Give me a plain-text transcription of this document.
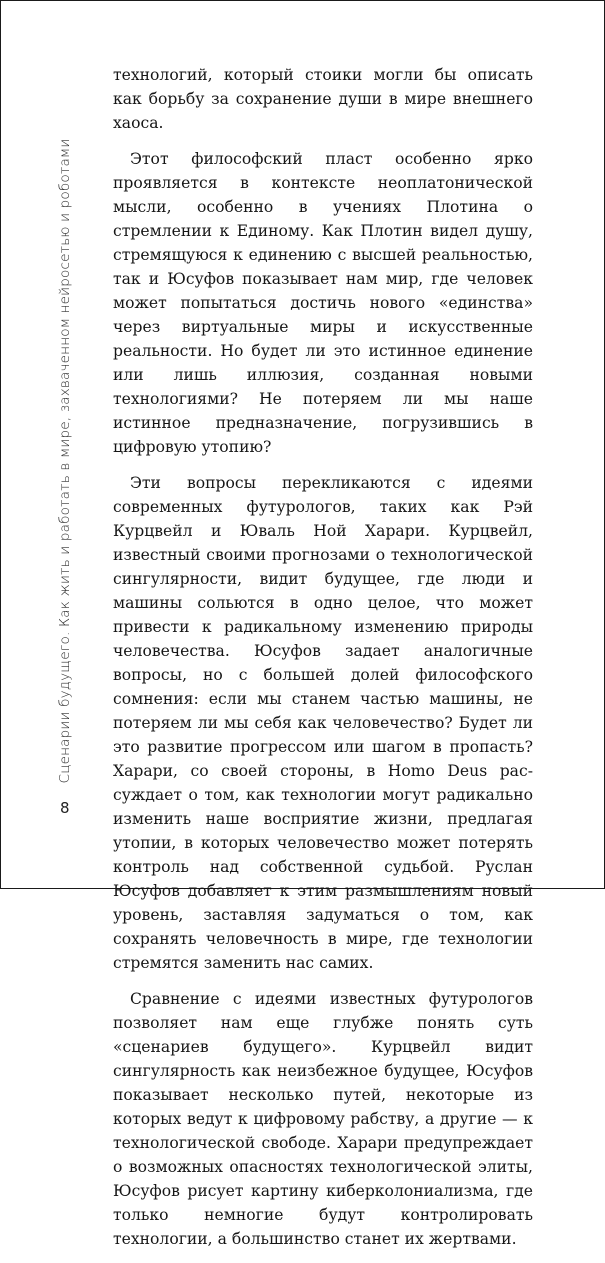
Сценарии будущего. Как жить и работать в мире, захваченном нейросетью и роботами
8

технологий, который стоики могли бы описать как борьбу за сохранение души в мире внешнего хаоса.

Этот философский пласт особенно ярко проявляется в контексте неоплатонической мысли, особенно в учениях Плотина о стремлении к Единому. Как Плотин видел душу, стремящуюся к единению с высшей реальностью, так и Юсуфов показывает нам мир, где человек может попытаться достичь нового «единства» через виртуальные миры и искусственные реальности. Но будет ли это истинное единение или лишь иллюзия, созданная новыми технологиями? Не потеряем ли мы наше истинное предназначение, погрузившись в цифровую утопию?

Эти вопросы перекликаются с идеями современных футурологов, таких как Рэй Курцвейл и Юваль Ной Харари. Курцвейл, известный своими прогнозами о технологической сингулярности, видит будущее, где люди и машины сольются в одно целое, что может привести к радикальному изменению природы человечества. Юсуфов задает аналогичные вопросы, но с большей долей философского сомнения: если мы станем частью машины, не потеряем ли мы себя как человечество? Будет ли это развитие прогрессом или шагом в пропасть? Харари, со своей стороны, в Homo Deus рассуждает о том, как технологии могут радикально изменить наше восприятие жизни, предлагая утопии, в которых человечество может потерять контроль над собственной судьбой. Руслан Юсуфов добавляет к этим размышлениям новый уровень, заставляя задуматься о том, как сохранять человечность в мире, где технологии стремятся заменить нас самих.

Сравнение с идеями известных футурологов позволяет нам еще глубже понять суть «сценариев будущего». Курцвейл видит сингулярность как неизбежное будущее, Юсуфов показывает несколько путей, некоторые из которых ведут к цифровому рабству, а другие — к технологической свободе. Харари предупреждает о возможных опасностях технологической элиты, Юсуфов рисует картину киберколониализма, где только немногие будут контролировать технологии, а большинство станет их жертвами.
